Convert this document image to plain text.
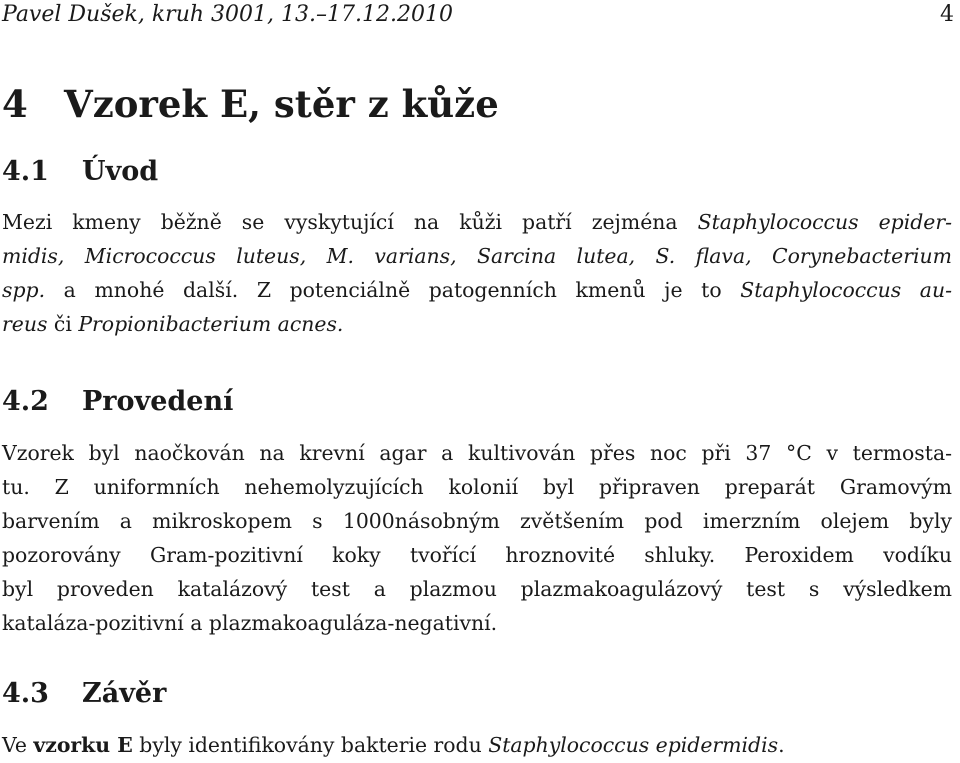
Pavel Dušek, kruh 3001, 13.–17.12.2010	4
4 Vzorek E, stěr z kůže
4.1 Úvod
Mezi kmeny běžně se vyskytující na kůži patří zejména Staphylococcus epider-
midis, Micrococcus luteus, M. varians, Sarcina lutea, S. flava, Corynebacterium
spp. a mnohé další. Z potenciálně patogenních kmenů je to Staphylococcus au-
reus či Propionibacterium acnes.
4.2 Provedení
Vzorek byl naočkován na krevní agar a kultivován přes noc při 37 °C v termosta-
tu. Z uniformních nehemolyzujících kolonií byl připraven preparát Gramovým
barvením a mikroskopem s 1000násobným zvětšením pod imerzním olejem byly
pozorovány Gram-pozitivní koky tvořící hroznovité shluky. Peroxidem vodíku
byl proveden katalázový test a plazmou plazmakoagulázový test s výsledkem
kataláza-pozitivní a plazmakoaguláza-negativní.
4.3 Závěr
Ve vzorku E byly identifikovány bakterie rodu Staphylococcus epidermidis.
